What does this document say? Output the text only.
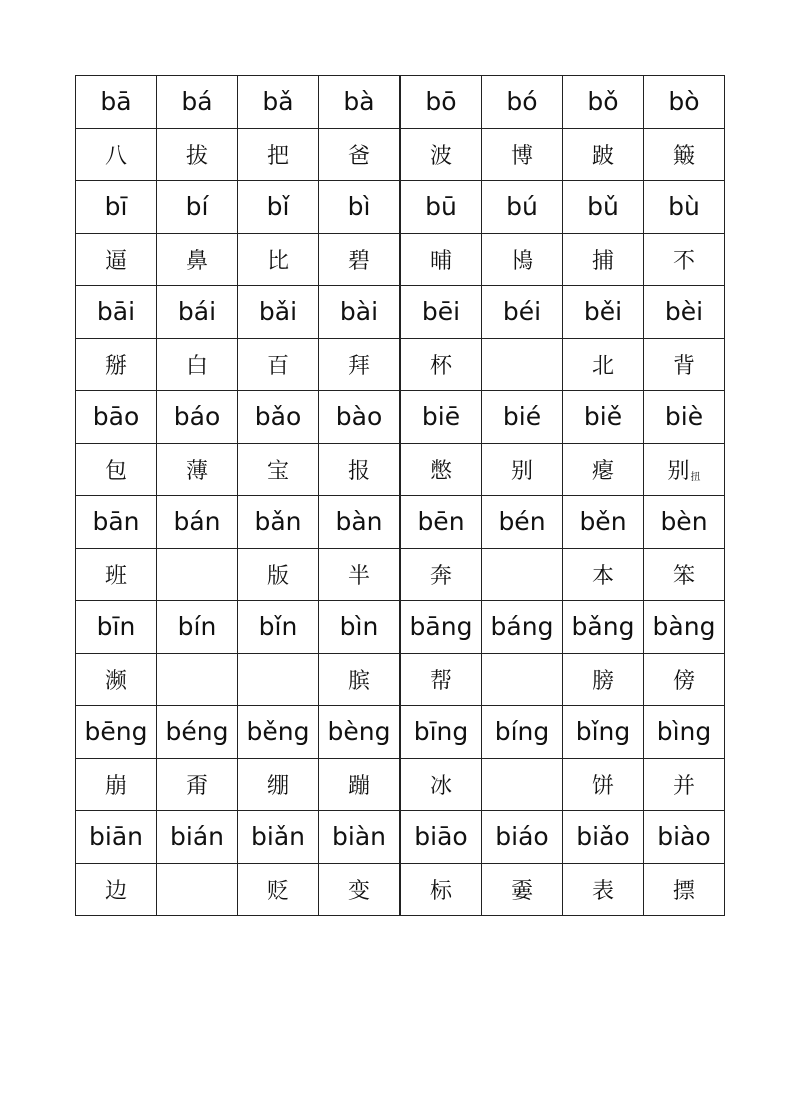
bā	bá	bǎ	bà	bō	bó	bǒ	bò
八	拔	把	爸	波	博	跛	簸
bī	bí	bǐ	bì	bū	bú	bǔ	bù
逼	鼻	比	碧	晡	鳪	捕	不
bāi	bái	bǎi	bài	bēi	béi	běi	bèi
掰	白	百	拜	杯		北	背
bāo	báo	bǎo	bào	biē	bié	biě	biè
包	薄	宝	报	憋	别	瘪	别扭
bān	bán	bǎn	bàn	bēn	bén	běn	bèn
班		版	半	奔		本	笨
bīn	bín	bǐn	bìn	bāng	báng	bǎng	bàng
濒			膑	帮		膀	傍
bēng	béng	běng	bèng	bīng	bíng	bǐng	bìng
崩	甭	绷	蹦	冰		饼	并
biān	bián	biǎn	biàn	biāo	biáo	biǎo	biào
边		贬	变	标	嫑	表	摽
